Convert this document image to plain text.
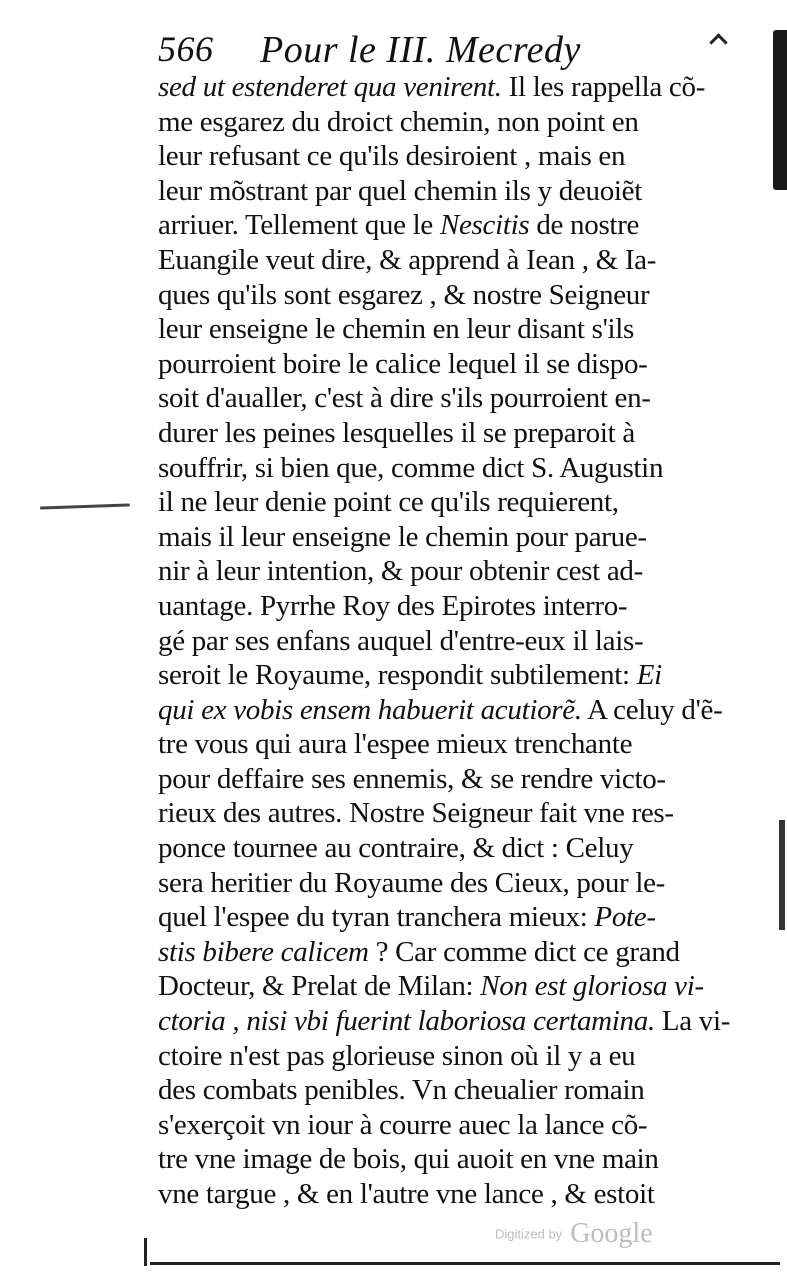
566 Pour le III. Mecredy
sed ut estenderet qua venirent. Il les rappella cõ-
me esgarez du droict chemin, non point en
leur refusant ce qu'ils desiroient , mais en
leur mõstrant par quel chemin ils y deuoiẽt
arriuer. Tellement que le Nescitis de nostre
Euangile veut dire, & apprend à Iean , & Ia-
ques qu'ils sont esgarez , & nostre Seigneur
leur enseigne le chemin en leur disant s'ils
pourroient boire le calice lequel il se dispo-
soit d'aualler, c'est à dire s'ils pourroient en-
durer les peines lesquelles il se preparoit à
souffrir, si bien que, comme dict S. Augustin
il ne leur denie point ce qu'ils requierent,
mais il leur enseigne le chemin pour parue-
nir à leur intention, & pour obtenir cest ad-
uantage. Pyrrhe Roy des Epirotes interro-
gé par ses enfans auquel d'entre-eux il lais-
seroit le Royaume, respondit subtilement: Ei
qui ex vobis ensem habuerit acutiorẽ. A celuy d'ẽ-
tre vous qui aura l'espee mieux trenchante
pour deffaire ses ennemis, & se rendre victo-
rieux des autres. Nostre Seigneur fait vne res-
ponce tournee au contraire, & dict : Celuy
sera heritier du Royaume des Cieux, pour le-
quel l'espee du tyran tranchera mieux: Pote-
stis bibere calicem ? Car comme dict ce grand
Docteur, & Prelat de Milan: Non est gloriosa vi-
ctoria , nisi vbi fuerint laboriosa certamina. La vi-
ctoire n'est pas glorieuse sinon où il y a eu
des combats penibles. Vn cheualier romain
s'exerçoit vn iour à courre auec la lance cõ-
tre vne image de bois, qui auoit en vne main
vne targue , & en l'autre vne lance , & estoit
Digitized by Google
